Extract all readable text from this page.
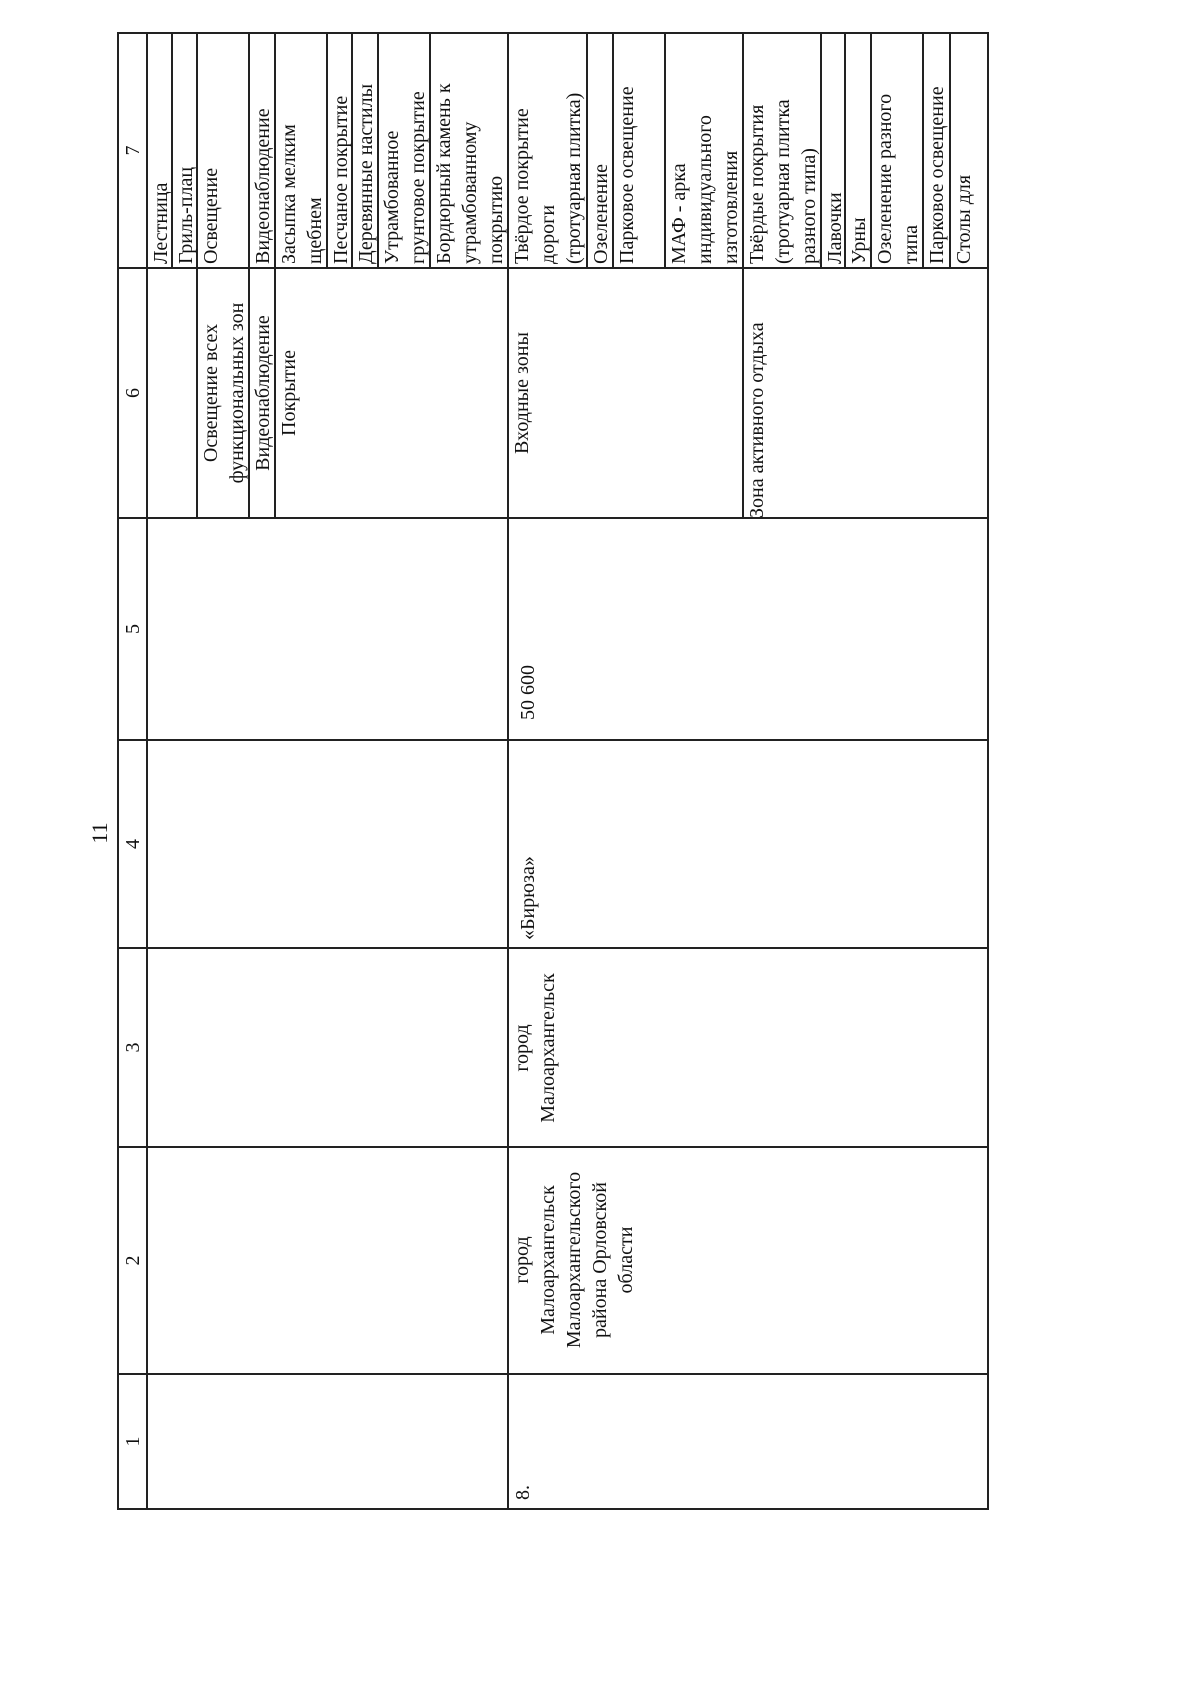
11
1
2
3
4
5
6
7
Освещение всех
функциональных зон Видеонаблюдение Покрытие	Входные зоны	Зона активного отдыха
Лестница Гриль-плац Освещение Видеонаблюдение Засыпка мелким
щебнем Песчаное покрытие Деревянные настилы Утрамбованное
грунтовое покрытие
Бордюрный камень к
утрамбованному
покрытию Твёрдое покрытие
дороги
(тротуарная плитка)
Озеленение Парковое освещение МАФ - арка
индивидуального
изготовления Твёрдые покрытия
(тротуарная плитка
разного типа)
Лавочки Урны Озеленение разного
типа Парковое освещение Столы для
8.
город
Малоархангельск
Малоархангельского
района Орловской
области
город
Малоархангельск
«Бирюза»
50 600
